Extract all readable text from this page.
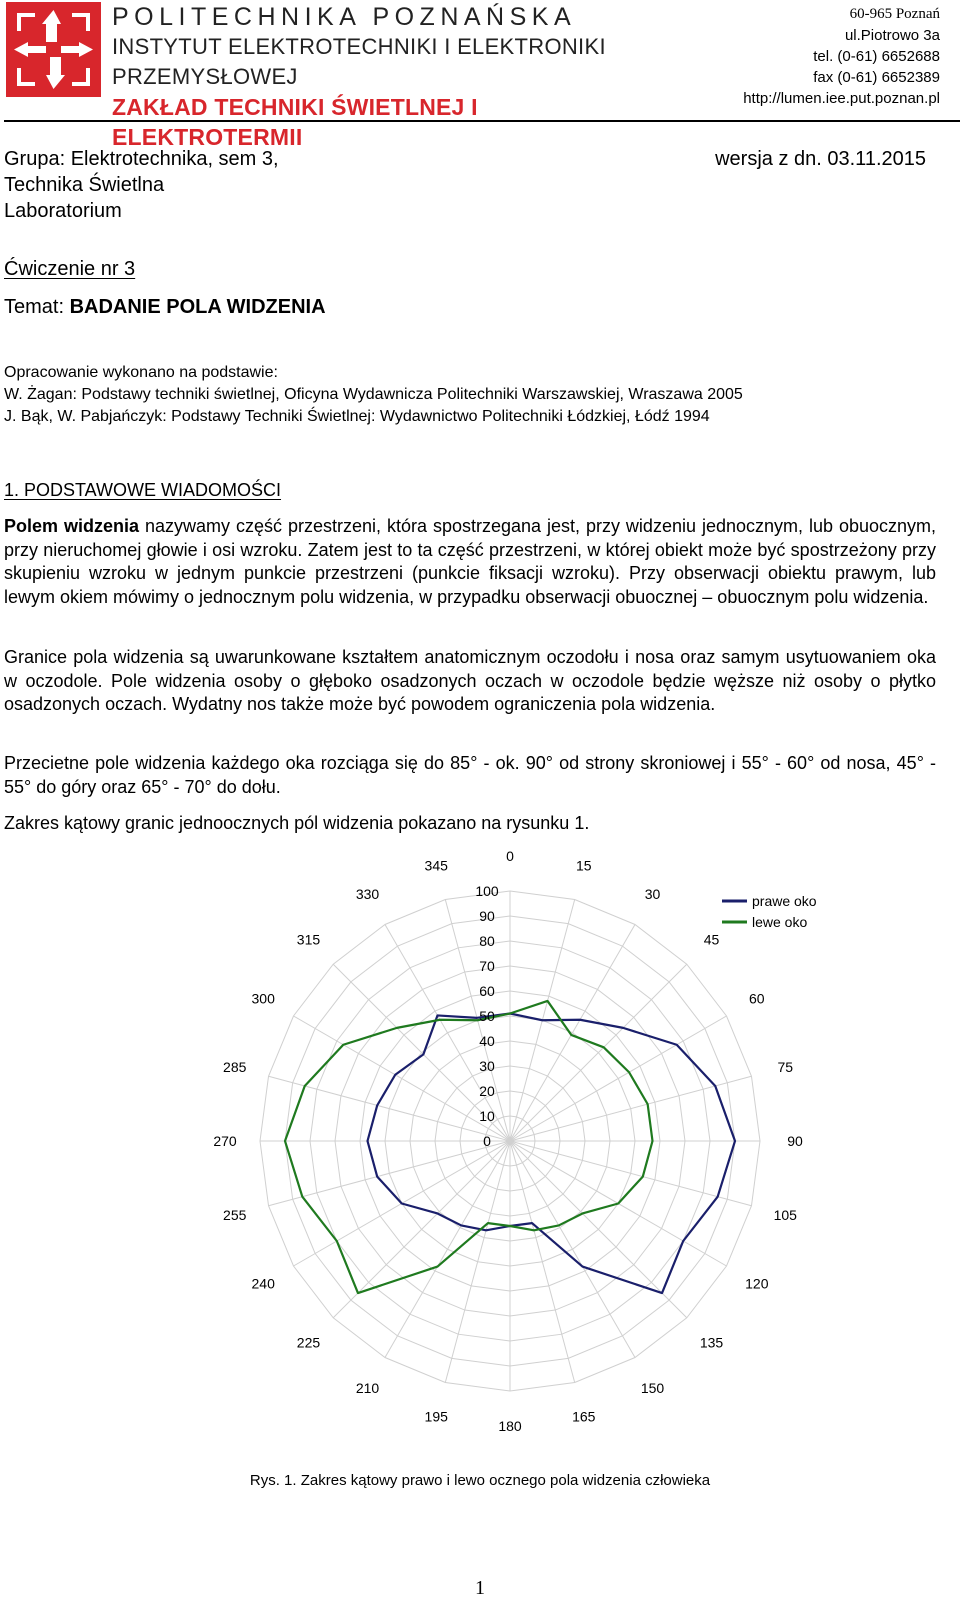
POLITECHNIKA POZNAŃSKA
INSTYTUT ELEKTROTECHNIKI I ELEKTRONIKI PRZEMYSŁOWEJ
ZAKŁAD TECHNIKI ŚWIETLNEJ I ELEKTROTERMII
60-965 Poznań
ul.Piotrowo 3a
tel. (0-61) 6652688
fax (0-61) 6652389
http://lumen.iee.put.poznan.pl
Grupa: Elektrotechnika, sem 3,	wersja z dn. 03.11.2015
Technika Świetlna
Laboratorium
Ćwiczenie nr 3
Temat: BADANIE POLA WIDZENIA
Opracowanie wykonano na podstawie:
W. Żagan: Podstawy techniki świetlnej, Oficyna Wydawnicza Politechniki Warszawskiej, Wraszawa 2005
J. Bąk, W. Pabjańczyk: Podstawy Techniki Świetlnej: Wydawnictwo Politechniki Łódzkiej, Łódź 1994
1. PODSTAWOWE WIADOMOŚCI
Polem widzenia nazywamy część przestrzeni, która spostrzegana jest, przy widzeniu jednocznym, lub obuocznym, przy nieruchomej głowie i osi wzroku. Zatem jest to ta część przestrzeni, w której obiekt może być spostrzeżony przy skupieniu wzroku w jednym punkcie przestrzeni (punkcie fiksacji wzroku). Przy obserwacji obiektu prawym, lub lewym okiem mówimy o jednocznym polu widzenia, w przypadku obserwacji obuocznej – obuocznym polu widzenia.
Granice pola widzenia są uwarunkowane kształtem anatomicznym oczodołu i nosa oraz samym usytuowaniem oka w oczodole. Pole widzenia osoby o głęboko osadzonych oczach w oczodole będzie węższe niż osoby o płytko osadzonych oczach. Wydatny nos także może być powodem ograniczenia pola widzenia.
Przecietne pole widzenia każdego oka rozciąga się do 85° - ok. 90° od strony skroniowej i 55° - 60° od nosa, 45° - 55° do góry oraz 65° - 70° do dołu.
Zakres kątowy granic jednoocznych pól widzenia pokazano na rysunku 1.
0
15
30
45
60
75
90
105
120
135
150
165
180
195
210
225
240
255
270
285
300
315
330
345
0
10
20
30
40
50
60
70
80
90
100
prawe oko
lewe oko
Rys. 1. Zakres kątowy prawo i lewo ocznego pola widzenia człowieka
1
